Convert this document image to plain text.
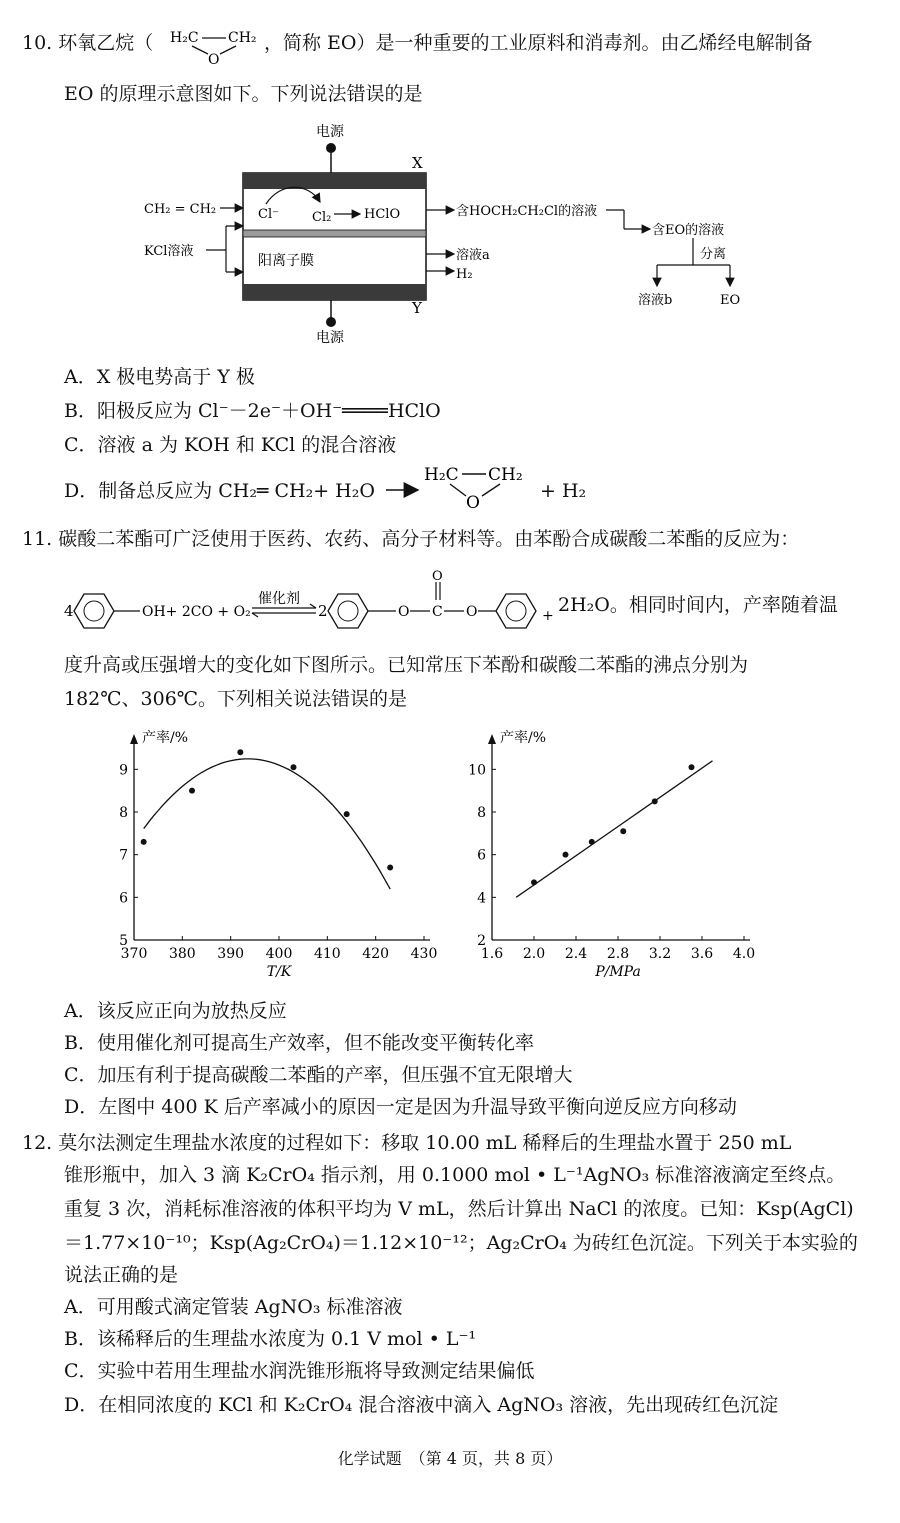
10. 环氧乙烷（ H₂C CH₂
O
，简称 EO）是一种重要的工业原料和消毒剂。由乙烯经电解制备
EO 的原理示意图如下。下列说法错误的是
电源
X
电源
Y
CH₂ = CH₂
KCl溶液
Cl⁻	Cl₂	HClO
阳离子膜
含HOCH₂CH₂Cl的溶液
含EO的溶液
分离
溶液b	EO
溶液a
H₂
A．X 极电势高于 Y 极
B．阳极反应为 Cl⁻－2e⁻＋OH⁻════HClO
C．溶液 a 为 KOH 和 KCl 的混合溶液
D．制备总反应为 CH₂═ CH₂+ H₂O
H₂C CH₂
O
+ H₂
11. 碳酸二苯酯可广泛使用于医药、农药、高分子材料等。由苯酚合成碳酸二苯酯的反应为：
4	OH+ 2CO + O₂
催化剂
2	O C
O
O	+ 2H₂O。相同时间内，产率随着温
度升高或压强增大的变化如下图所示。已知常压下苯酚和碳酸二苯酯的沸点分别为
182℃、306℃。下列相关说法错误的是
产率/%
370 380 390 400 410 420 430
5
6
7
8
9
T/K
产率/%
1.6 2.0 2.4 2.8 3.2 3.6 4.0
2
4
6
8
10
P/MPa
A．该反应正向为放热反应
B．使用催化剂可提高生产效率，但不能改变平衡转化率
C．加压有利于提高碳酸二苯酯的产率，但压强不宜无限增大
D．左图中 400 K 后产率减小的原因一定是因为升温导致平衡向逆反应方向移动
12. 莫尔法测定生理盐水浓度的过程如下：移取 10.00 mL 稀释后的生理盐水置于 250 mL
锥形瓶中，加入 3 滴 K₂CrO₄ 指示剂，用 0.1000 mol • L⁻¹AgNO₃ 标准溶液滴定至终点。
重复 3 次，消耗标准溶液的体积平均为 V mL，然后计算出 NaCl 的浓度。已知：Ksp(AgCl)
＝1.77×10⁻¹⁰；Ksp(Ag₂CrO₄)＝1.12×10⁻¹²；Ag₂CrO₄ 为砖红色沉淀。下列关于本实验的
说法正确的是
A．可用酸式滴定管装 AgNO₃ 标准溶液
B．该稀释后的生理盐水浓度为 0.1 V mol • L⁻¹
C．实验中若用生理盐水润洗锥形瓶将导致测定结果偏低
D．在相同浓度的 KCl 和 K₂CrO₄ 混合溶液中滴入 AgNO₃ 溶液，先出现砖红色沉淀
化学试题　（第 4 页，共 8 页）
